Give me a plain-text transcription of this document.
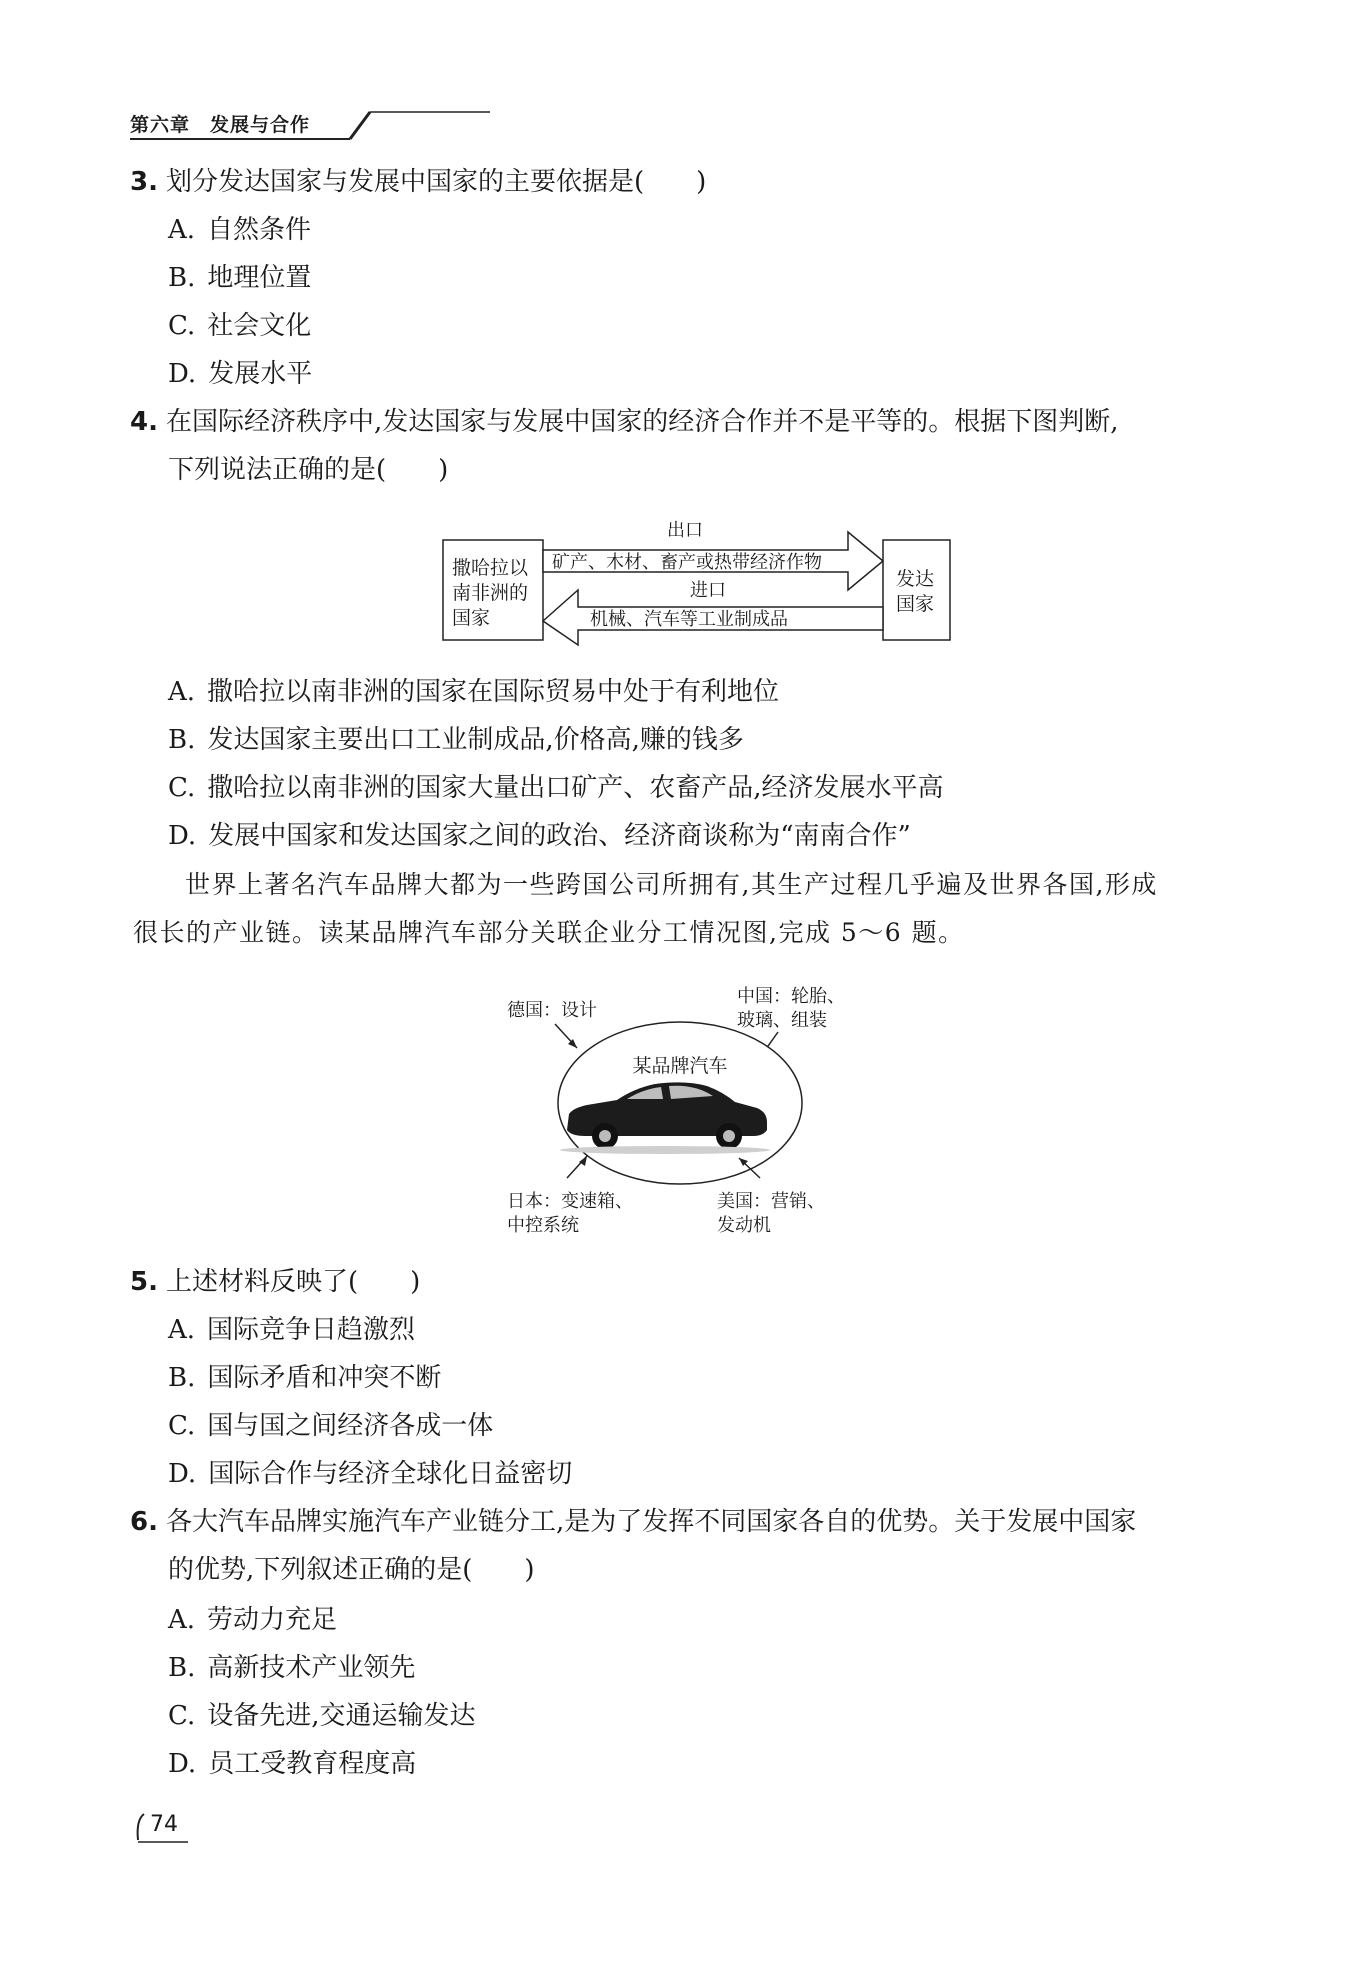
第六章　发展与合作
3. 划分发达国家与发展中国家的主要依据是(　　)
A. 自然条件
B. 地理位置
C. 社会文化
D. 发展水平
4. 在国际经济秩序中,发达国家与发展中国家的经济合作并不是平等的。根据下图判断,
下列说法正确的是(　　)
撒哈拉以
南非洲的
国家
发达
国家
出口
矿产、木材、畜产或热带经济作物
进口
机械、汽车等工业制成品
A. 撒哈拉以南非洲的国家在国际贸易中处于有利地位
B. 发达国家主要出口工业制成品,价格高,赚的钱多
C. 撒哈拉以南非洲的国家大量出口矿产、农畜产品,经济发展水平高
D. 发展中国家和发达国家之间的政治、经济商谈称为“南南合作”
世界上著名汽车品牌大都为一些跨国公司所拥有,其生产过程几乎遍及世界各国,形成
很长的产业链。读某品牌汽车部分关联企业分工情况图,完成 5～6 题。
德国：设计
中国：轮胎、
玻璃、组装
某品牌汽车
日本：变速箱、
中控系统
美国：营销、
发动机
5. 上述材料反映了(　　)
A. 国际竞争日趋激烈
B. 国际矛盾和冲突不断
C. 国与国之间经济各成一体
D. 国际合作与经济全球化日益密切
6. 各大汽车品牌实施汽车产业链分工,是为了发挥不同国家各自的优势。关于发展中国家
的优势,下列叙述正确的是(　　)
A. 劳动力充足
B. 高新技术产业领先
C. 设备先进,交通运输发达
D. 员工受教育程度高
74
